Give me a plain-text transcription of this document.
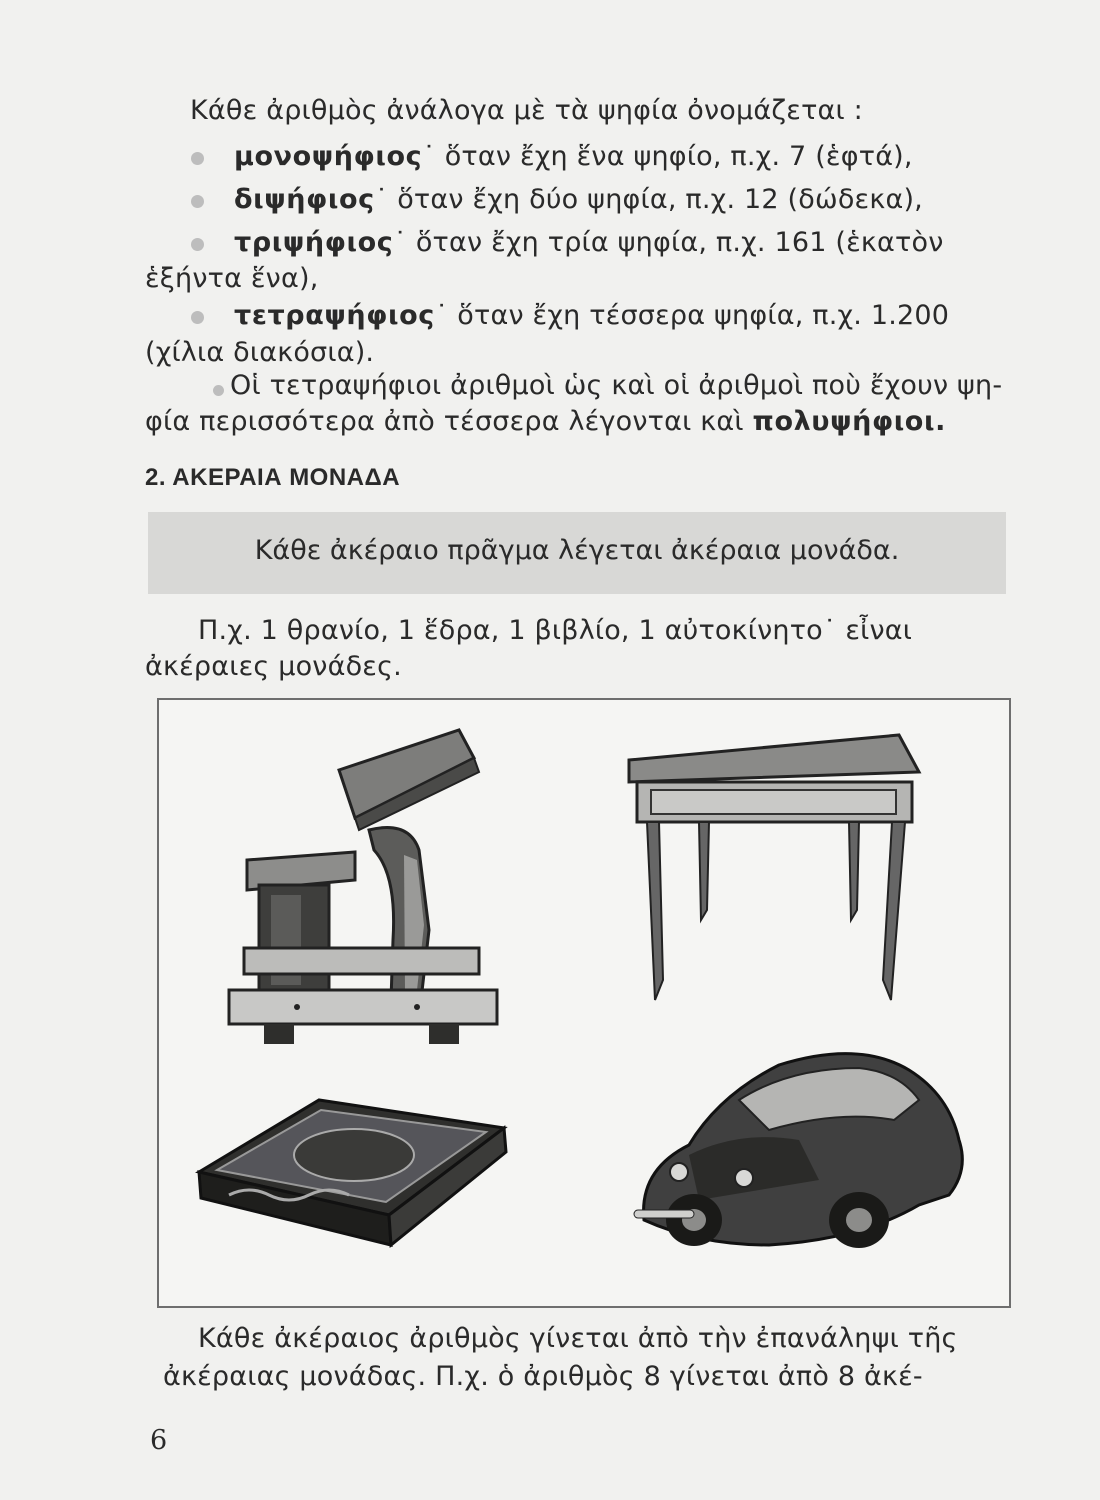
Κάθε ἀριθμὸς ἀνάλογα μὲ τὰ ψηφία ὀνομάζεται :
μονοψήφιος˙ ὅταν ἔχη ἕνα ψηφίο, π.χ. 7 (ἑφτά),
διψήφιος˙ ὅταν ἔχη δύο ψηφία, π.χ. 12 (δώδεκα),
τριψήφιος˙ ὅταν ἔχη τρία ψηφία, π.χ. 161 (ἑκατὸν
ἑξήντα ἕνα),
τετραψήφιος˙ ὅταν ἔχη τέσσερα ψηφία, π.χ. 1.200
(χίλια διακόσια).
Οἱ τετραψήφιοι ἀριθμοὶ ὡς καὶ οἱ ἀριθμοὶ ποὺ ἔχουν ψη-
φία περισσότερα ἀπὸ τέσσερα λέγονται καὶ πολυψήφιοι.
2. ΑΚΕΡΑΙΑ ΜΟΝΑΔΑ
Κάθε ἀκέραιο πρᾶγμα λέγεται ἀκέραια μονάδα.
Π.χ. 1 θρανίο, 1 ἕδρα, 1 βιβλίο, 1 αὐτοκίνητο˙ εἶναι
ἀκέραιες μονάδες.
Κάθε ἀκέραιος ἀριθμὸς γίνεται ἀπὸ τὴν ἐπανάληψι τῆς
ἀκέραιας μονάδας. Π.χ. ὁ ἀριθμὸς 8 γίνεται ἀπὸ 8 ἀκέ-
6
